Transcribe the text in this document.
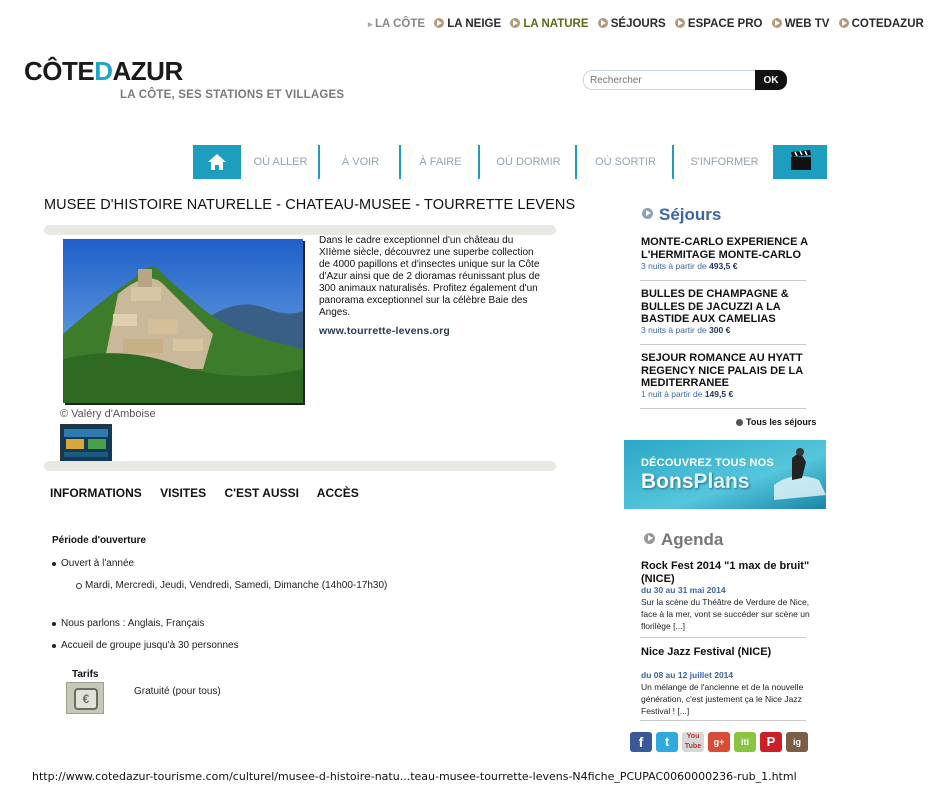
▸ LA CÔTE LA NEIGE LA NATURE SÉJOURS ESPACE PRO WEB TV COTEDAZUR
CÔTEDAZUR
LA CÔTE, SES STATIONS ET VILLAGES
Rechercher
OK
OÙ ALLER	À VOIR	À FAIRE	OÙ DORMIR	OÙ SORTIR	S'INFORMER
MUSEE D'HISTOIRE NATURELLE - CHATEAU-MUSEE - TOURRETTE LEVENS
© Valéry d'Amboise
Dans le cadre exceptionnel d'un château du XIIème siècle, découvrez une superbe collection de 4000 papillons et d'insectes unique sur la Côte d'Azur ainsi que de 2 dioramas réunissant plus de 300 animaux naturalisés. Profitez également d'un panorama exceptionnel sur la célèbre Baie des Anges.
www.tourrette-levens.org
INFORMATIONS VISITES C'EST AUSSI ACCÈS
Période d'ouverture
Ouvert à l'année
Mardi, Mercredi, Jeudi, Vendredi, Samedi, Dimanche (14h00-17h30)
Nous parlons : Anglais, Français
Accueil de groupe jusqu'à 30 personnes
Tarifs
€
Gratuité (pour tous)
Séjours
MONTE-CARLO EXPERIENCE A L'HERMITAGE MONTE-CARLO
3 nuits à partir de 493,5 €
BULLES DE CHAMPAGNE & BULLES DE JACUZZI A LA BASTIDE AUX CAMELIAS
3 nuits à partir de 300 €
SEJOUR ROMANCE AU HYATT REGENCY NICE PALAIS DE LA MEDITERRANEE
1 nuit à partir de 149,5 €
Tous les séjours
DÉCOUVREZ TOUS NOS
BonsPlans
Agenda
Rock Fest 2014 "1 max de bruit" (NICE)
du 30 au 31 mai 2014
Sur la scène du Théâtre de Verdure de Nice, face à la mer, vont se succéder sur scène un florilège [...]
Nice Jazz Festival (NICE)
du 08 au 12 juillet 2014
Un mélange de l'ancienne et de la nouvelle génération, c'est justement ça le Nice Jazz Festival ! [...]
f	t	You Tube	g+	iti	P	ig
http://www.cotedazur-tourisme.com/culturel/musee-d-histoire-natu...teau-musee-tourrette-levens-N4fiche_PCUPAC0060000236-rub_1.html
